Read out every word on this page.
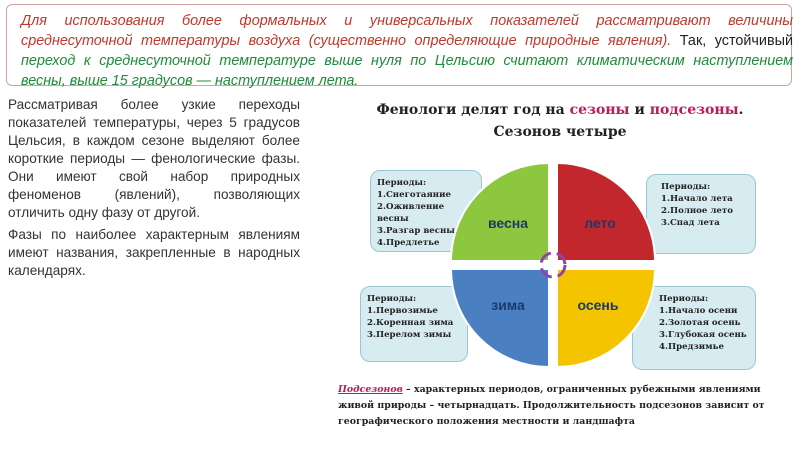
Для использования более формальных и универсальных показателей рассматривают величины среднесуточной температуры воздуха (существенно определяющие природные явления). Так, устойчивый переход к среднесуточной температуре выше нуля по Цельсию считают климатическим наступлением весны, выше 15 градусов — наступлением лета.

Рассматривая более узкие переходы показателей температуры, через 5 градусов Цельсия, в каждом сезоне выделяют более короткие периоды — фенологические фазы. Они имеют свой набор природных феноменов (явлений), позволяющих отличить одну фазу от другой.

Фазы по наиболее характерным явлениям имеют названия, закрепленные в народных календарях.

Фенологи делят год на сезоны и подсезоны.
Сезонов четыре
Периоды:
1.Снеготаяние
2.Оживление весны
3.Разгар весны
4.Предлетье
Периоды:
1.Начало лета
2.Полное лето
3.Спад лета
Периоды:
1.Первозимье
2.Коренная зима
3.Перелом зимы
Периоды:
1.Начало осени
2.Золотая осень
3.Глубокая осень
4.Предзимье
весна	лето
зима	осень
Подсезонов – характерных периодов, ограниченных рубежными явлениями живой природы – четырнадцать. Продолжительность подсезонов зависит от географического положения местности и ландшафта
